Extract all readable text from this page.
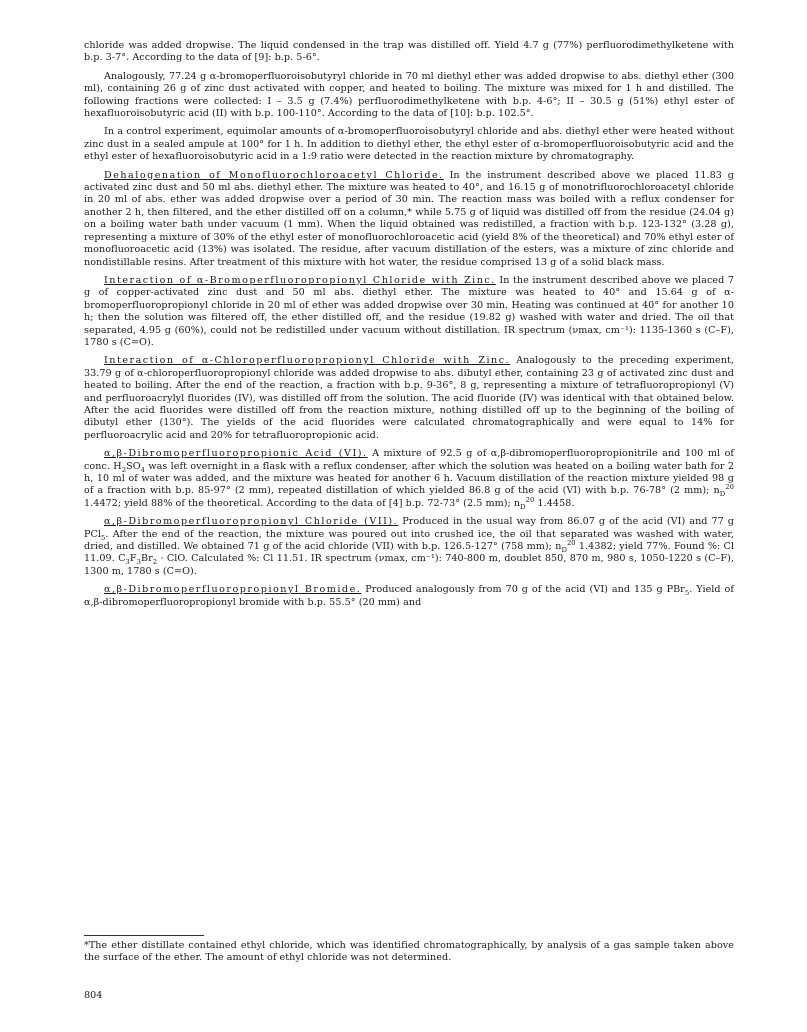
chloride was added dropwise. The liquid condensed in the trap was distilled off. Yield 4.7 g (77%) perfluorodimethylketene with b.p. 3-7°. According to the data of [9]: b.p. 5-6°.

Analogously, 77.24 g α-bromoperfluoroisobutyryl chloride in 70 ml diethyl ether was added dropwise to abs. diethyl ether (300 ml), containing 26 g of zinc dust activated with copper, and heated to boiling. The mixture was mixed for 1 h and distilled. The following fractions were collected: I – 3.5 g (7.4%) perfluorodimethylketene with b.p. 4-6°; II – 30.5 g (51%) ethyl ester of hexafluoroisobutyric acid (II) with b.p. 100-110°. According to the data of [10]: b.p. 102.5°.

In a control experiment, equimolar amounts of α-bromoperfluoroisobutyryl chloride and abs. diethyl ether were heated without zinc dust in a sealed ampule at 100° for 1 h. In addition to diethyl ether, the ethyl ester of α-bromoperfluoroisobutyric acid and the ethyl ester of hexafluoroisobutyric acid in a 1:9 ratio were detected in the reaction mixture by chromatography.

Dehalogenation of Monofluorochloroacetyl Chloride. In the instrument described above we placed 11.83 g activated zinc dust and 50 ml abs. diethyl ether. The mixture was heated to 40°, and 16.15 g of monotrifluorochloroacetyl chloride in 20 ml of abs. ether was added dropwise over a period of 30 min. The reaction mass was boiled with a reflux condenser for another 2 h, then filtered, and the ether distilled off on a column,* while 5.75 g of liquid was distilled off from the residue (24.04 g) on a boiling water bath under vacuum (1 mm). When the liquid obtained was redistilled, a fraction with b.p. 123-132° (3.28 g), representing a mixture of 30% of the ethyl ester of monofluorochloroacetic acid (yield 8% of the theoretical) and 70% ethyl ester of monofluoroacetic acid (13%) was isolated. The residue, after vacuum distillation of the esters, was a mixture of zinc chloride and nondistillable resins. After treatment of this mixture with hot water, the residue comprised 13 g of a solid black mass.

Interaction of α-Bromoperfluoropropionyl Chloride with Zinc. In the instrument described above we placed 7 g of copper-activated zinc dust and 50 ml abs. diethyl ether. The mixture was heated to 40° and 15.64 g of α-bromoperfluoropropionyl chloride in 20 ml of ether was added dropwise over 30 min. Heating was continued at 40° for another 10 h; then the solution was filtered off, the ether distilled off, and the residue (19.82 g) washed with water and dried. The oil that separated, 4.95 g (60%), could not be redistilled under vacuum without distillation. IR spectrum (νmax, cm⁻¹): 1135-1360 s (C–F), 1780 s (C=O).

Interaction of α-Chloroperfluoropropionyl Chloride with Zinc. Analogously to the preceding experiment, 33.79 g of α-chloroperfluoropropionyl chloride was added dropwise to abs. dibutyl ether, containing 23 g of activated zinc dust and heated to boiling. After the end of the reaction, a fraction with b.p. 9-36°, 8 g, representing a mixture of tetrafluoropropionyl (V) and perfluoroacrylyl fluorides (IV), was distilled off from the solution. The acid fluoride (IV) was identical with that obtained below. After the acid fluorides were distilled off from the reaction mixture, nothing distilled off up to the beginning of the boiling of dibutyl ether (130°). The yields of the acid fluorides were calculated chromatographically and were equal to 14% for perfluoroacrylic acid and 20% for tetrafluoropropionic acid.

α,β-Dibromoperfluoropropionic Acid (VI). A mixture of 92.5 g of α,β-dibromoperfluoropropionitrile and 100 ml of conc. $H_2SO_4$ was left overnight in a flask with a reflux condenser, after which the solution was heated on a boiling water bath for 2 h, 10 ml of water was added, and the mixture was heated for another 6 h. Vacuum distillation of the reaction mixture yielded 98 g of a fraction with b.p. 85-97° (2 mm), repeated distillation of which yielded 86.8 g of the acid (VI) with b.p. 76-78° (2 mm); $n_D^{20}$ 1.4472; yield 88% of the theoretical. According to the data of [4] b.p. 72-73° (2.5 mm); $n_D^{20}$ 1.4458.

α,β-Dibromoperfluoropropionyl Chloride (VII). Produced in the usual way from 86.07 g of the acid (VI) and 77 g PCl$_5$. After the end of the reaction, the mixture was poured out into crushed ice, the oil that separated was washed with water, dried, and distilled. We obtained 71 g of the acid chloride (VII) with b.p. 126.5-127° (758 mm); $n_D^{20}$ 1.4382; yield 77%. Found %: Cl 11.09. $C_3F_3Br_2$ · ClO. Calculated %: Cl 11.51. IR spectrum (νmax, cm⁻¹): 740-800 m, doublet 850, 870 m, 980 s, 1050-1220 s (C–F), 1300 m, 1780 s (C=O).

α,β-Dibromoperfluoropropionyl Bromide. Produced analogously from 70 g of the acid (VI) and 135 g PBr$_5$. Yield of α,β-dibromoperfluoropropionyl bromide with b.p. 55.5° (20 mm) and

*The ether distillate contained ethyl chloride, which was identified chromatographically, by analysis of a gas sample taken above the surface of the ether. The amount of ethyl chloride was not determined.

804
